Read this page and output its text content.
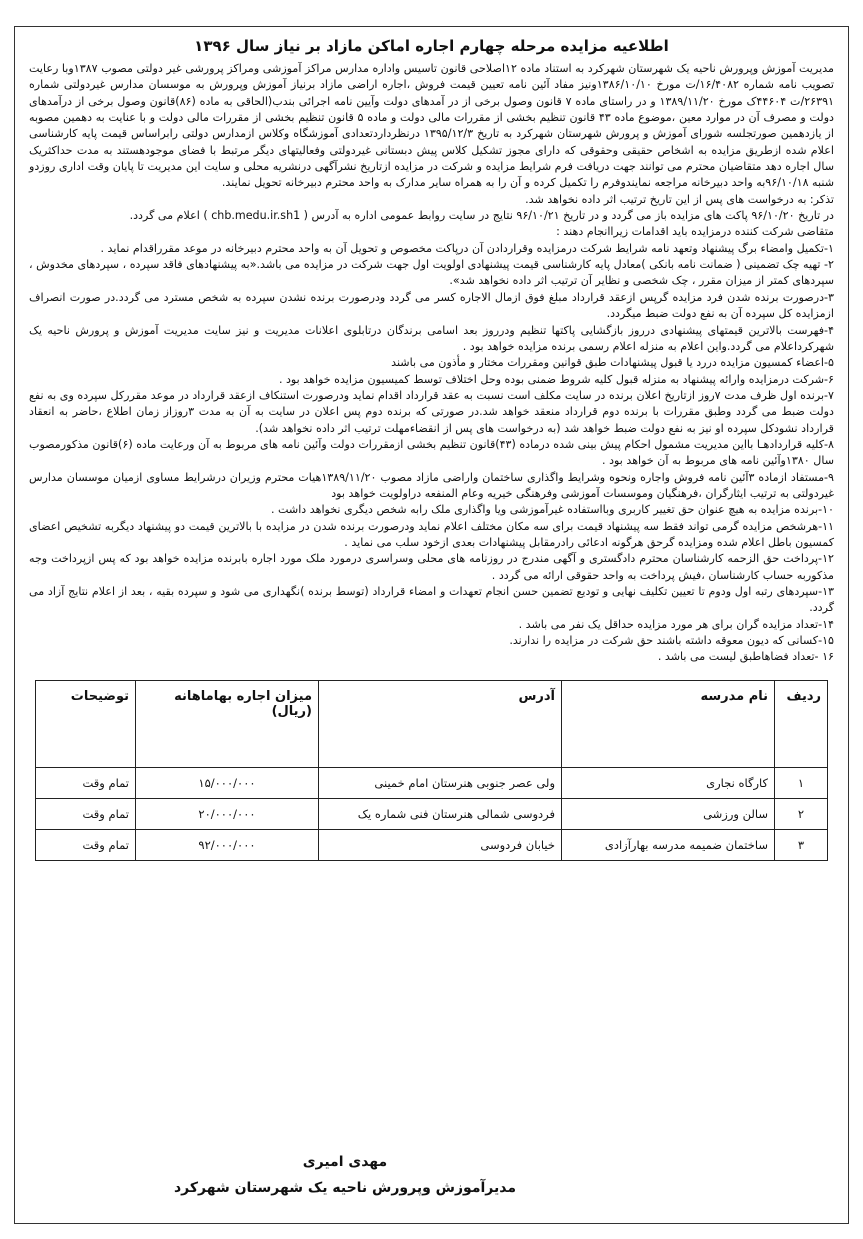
اطلاعیه مزایده مرحله چهارم اجاره اماکن مازاد بر نیاز سال ۱۳۹۶

مدیریت آموزش وپرورش ناحیه یک شهرستان شهرکرد به استناد ماده ۱۲اصلاحی قانون تاسیس واداره مدارس مراکز آموزشی ومراکز پرورشی غیر دولتی مصوب ۱۳۸۷وبا رعایت تصویب نامه شماره ۱۶/۴۰۸۲/ت مورخ ۱۳۸۶/۱۰/۱۰ونیز مفاد آئین نامه تعیین قیمت فروش ،اجاره اراضی مازاد برنیاز آموزش وپرورش به موسسان مدارس غیردولتی شماره ۲۶۳۹۱/ت ۴۴۶۰۴ک مورخ ۱۳۸۹/۱۱/۲۰ و در راستای ماده ۷ قانون وصول برخی از در آمدهای دولت وآیین نامه اجرائی بندب(الحاقی به ماده (۸۶)قانون وصول برخی از درآمدهای دولت و مصرف آن در موارد معین ،موضوع ماده ۴۳ قانون تنظیم بخشی از مقررات مالی دولت و ماده ۵ قانون تنظیم بخشی از مقررات مالی دولت و با عنایت به دهمین مصوبه از یازدهمین صورتجلسه شورای آموزش و پرورش شهرستان شهرکرد به تاریخ ۱۳۹۵/۱۲/۳ درنظرداردتعدادی آموزشگاه وکلاس ازمدارس دولتی رابراساس قیمت پایه کارشناسی اعلام شده ازطریق مزایده به اشخاص حقیقی وحقوقی که دارای مجوز تشکیل کلاس پیش دبستانی غیردولتی وفعالیتهای دیگر مرتبط با فضای موجودهستند به مدت حداکثریک سال اجاره دهد متقاضیان محترم می توانند جهت دریافت فرم شرایط مزایده و شرکت در مزایده ازتاریخ نشرآگهی درنشریه محلی و سایت این مدیریت تا پایان وقت اداری روزدو شنبه ۹۶/۱۰/۱۸به واحد دبیرخانه مراجعه نمایندوفرم را تکمیل کرده و آن را به همراه سایر مدارک به واحد محترم دبیرخانه تحویل نمایند.

تذکر: به درخواست های پس از این تاریخ ترتیب اثر داده نخواهد شد.

در تاریخ ۹۶/۱۰/۲۰ پاکت های مزایده باز می گردد و در تاریخ ۹۶/۱۰/۲۱ نتایج در سایت روابط عمومی اداره به آدرس ( chb.medu.ir.sh1 ) اعلام می گردد.

متقاضی شرکت کننده درمزایده باید اقدامات زیراانجام دهند :

۱-تکمیل وامضاء برگ پیشنهاد وتعهد نامه شرایط شرکت درمزایده وقراردادن آن درپاکت مخصوص و تحویل آن به واحد محترم دبیرخانه در موعد مقرراقدام نماید .

۲- تهیه چک تضمینی ( ضمانت نامه بانکی )معادل پایه کارشناسی قیمت پیشنهادی اولویت اول جهت شرکت در مزایده می باشد.«به پیشنهادهای فاقد سپرده ، سپردهای مخدوش ، سپردهای کمتر از میزان مقرر ، چک شخصی و نظایر آن ترتیب اثر داده نخواهد شد».

۳-درصورت برنده شدن فرد مزایده گرپس ازعقد قرارداد مبلغ فوق ازمال الاجاره کسر می گردد ودرصورت برنده نشدن سپرده به شخص مسترد می گردد.در صورت انصراف ازمزایده کل سپرده آن به نفع دولت ضبط میگردد.

۴-فهرست بالاترین قیمتهای پیشنهادی درروز بازگشایی پاکتها تنظیم ودرروز بعد اسامی برندگان درتابلوی اعلانات مدیریت و نیز سایت مدیریت آموزش و پرورش ناحیه یک شهرکرداعلام می گردد.واین اعلام به منزله اعلام رسمی برنده مزایده خواهد بود .

۵-اعضاء کمسیون مزایده دررد یا قبول پیشنهادات طبق قوانین ومقررات مختار و مأذون می باشند

۶-شرکت درمزایده وارائه پیشنهاد به منزله قبول کلیه شروط ضمنی بوده وحل اختلاف توسط کمیسیون مزایده خواهد بود .

۷-برنده اول ظرف مدت ۷روز ازتاریخ اعلان برنده در سایت مکلف است نسبت به عقد قرارداد اقدام نماید ودرصورت استنکاف ازعقد قرارداد در موعد مقررکل سپرده وی به نفع دولت ضبط می گردد وطبق مقررات با برنده دوم قرارداد منعقد خواهد شد.در صورتی که برنده دوم پس اعلان در سایت به آن به مدت ۳روزاز زمان اطلاع ،حاضر به انعقاد قرارداد نشودکل سپرده او نیز به نفع دولت ضبط خواهد شد (به درخواست های پس از انقضاءمهلت ترتیب اثر داده نخواهد شد).

۸-کلیه قراردادهـا بااین مدیریت مشمول احکام پیش بینی شده درماده (۴۳)قانون تنظیم بخشی ازمقررات دولت وآئین نامه های مربوط به آن ورعایت ماده (۶)قانون مذکورمصوب سال ۱۳۸۰وآئین نامه های مربوط به آن خواهد بود .

۹-مستفاد ازماده ۳آئین نامه فروش واجاره ونحوه وشرایط واگذاری ساختمان واراضی مازاد مصوب ۱۳۸۹/۱۱/۲۰هیات محترم وزیران درشرایط مساوی ازمیان موسسان مدارس غیردولتی به ترتیب ایثارگران ،فرهنگیان وموسسات آموزشی وفرهنگی خیریه وعام المنفعه دراولویت خواهد بود

۱۰-برنده مزایده به هیچ عنوان حق تغییر کاربری وبااستفاده غیرآموزشی ویا واگذاری ملک رابه شخص دیگری نخواهد داشت .

۱۱-هرشخص مزایده گرمی تواند فقط سه پیشنهاد قیمت برای سه مکان مختلف اعلام نماید ودرصورت برنده شدن در مزایده با بالاترین قیمت دو پیشنهاد دیگربه تشخیص اعضای کمسیون باطل اعلام شده ومزایده گرحق هرگونه ادعائی رادرمقابل پیشنهادات بعدی ازخود سلب می نماید .

۱۲-پرداخت حق الزحمه کارشناسان محترم دادگستری و آگهی مندرج در روزنامه های محلی وسراسری درمورد ملک مورد اجاره بابرنده مزایده خواهد بود که پس ازپرداخت وجه مذکوربه حساب کارشناسان ،فیش پرداخت به واحد حقوقی ارائه می گردد .

۱۳-سپردهای رتبه اول ودوم تا تعیین تکلیف نهایی و تودیع تضمین حسن انجام تعهدات و امضاء قرارداد (توسط برنده )نگهداری می شود و سپرده بقیه ، بعد از اعلام نتایج آزاد می گردد.

۱۴-تعداد مزایده گران برای هر مورد مزایده حداقل یک نفر می باشد .

۱۵-کسانی که دیون معوقه داشته باشند حق شرکت در مزایده را ندارند.

۱۶ -تعداد فضاهاطبق لیست می باشد .

ردیف	نام مدرسه	آدرس	میزان اجاره بهاماهانه (ریال)	توضیحات
۱	کارگاه نجاری	ولی عصر جنوبی هنرستان امام خمینی	۱۵/۰۰۰/۰۰۰	تمام وقت
۲	سالن ورزشی	فردوسی شمالی هنرستان فنی شماره یک	۲۰/۰۰۰/۰۰۰	تمام وقت
۳	ساختمان ضمیمه مدرسه بهارآزادی	خیابان فردوسی	۹۲/۰۰۰/۰۰۰	تمام وقت
مهدی امیری
مدیرآموزش وپرورش ناحیه یک شهرستان شهرکرد
